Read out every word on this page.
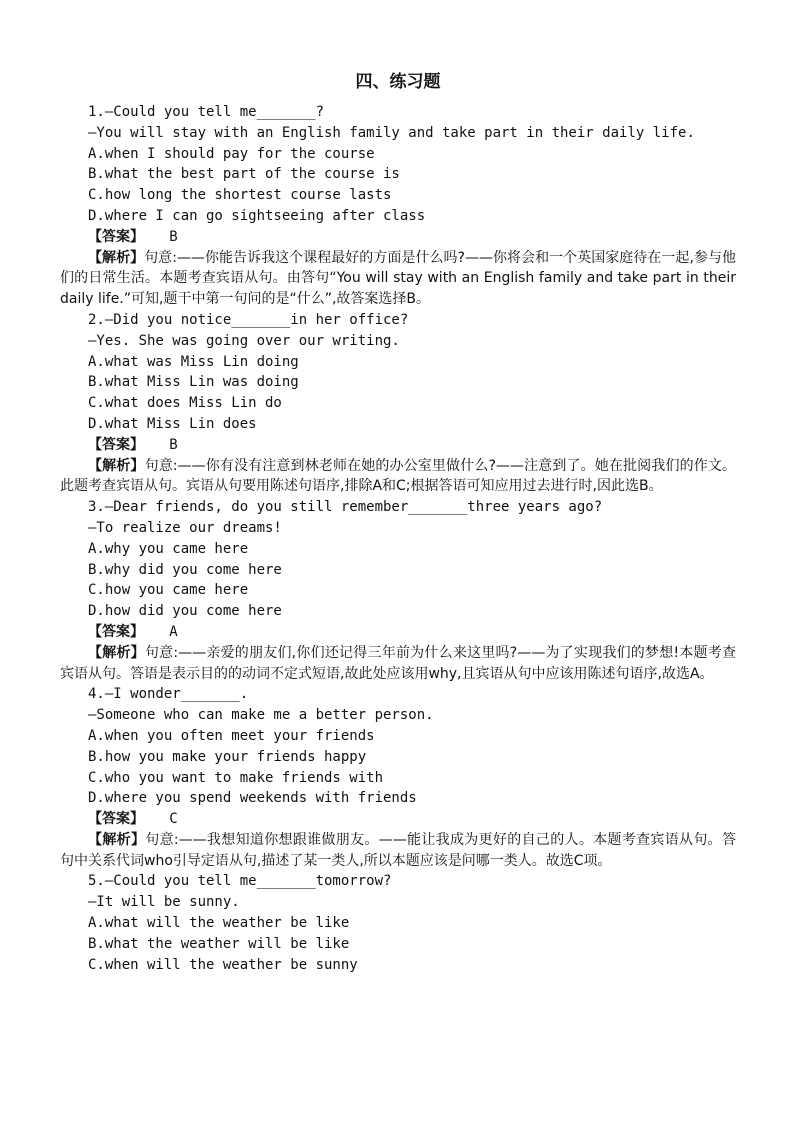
四、练习题
1.—Could you tell me_______?
—You will stay with an English family and take part in their daily life.
A.when I should pay for the course
B.what the best part of the course is
C.how long the shortest course lasts
D.where I can go sightseeing after class
【答案】 B
【解析】句意:——你能告诉我这个课程最好的方面是什么吗?——你将会和一个英国家庭待在一起,参与他们的日常生活。本题考查宾语从句。由答句“You will stay with an English family and take part in their daily life.”可知,题干中第一句问的是“什么”,故答案选择B。
2.—Did you notice_______in her office?
—Yes. She was going over our writing.
A.what was Miss Lin doing
B.what Miss Lin was doing
C.what does Miss Lin do
D.what Miss Lin does
【答案】 B
【解析】句意:——你有没有注意到林老师在她的办公室里做什么?——注意到了。她在批阅我们的作文。此题考查宾语从句。宾语从句要用陈述句语序,排除A和C;根据答语可知应用过去进行时,因此选B。
3.—Dear friends, do you still remember_______three years ago?
—To realize our dreams!
A.why you came here
B.why did you come here
C.how you came here
D.how did you come here
【答案】 A
【解析】句意:——亲爱的朋友们,你们还记得三年前为什么来这里吗?——为了实现我们的梦想!本题考查宾语从句。答语是表示目的的动词不定式短语,故此处应该用why,且宾语从句中应该用陈述句语序,故选A。
4.—I wonder_______.
—Someone who can make me a better person.
A.when you often meet your friends
B.how you make your friends happy
C.who you want to make friends with
D.where you spend weekends with friends
【答案】 C
【解析】句意:——我想知道你想跟谁做朋友。——能让我成为更好的自己的人。本题考查宾语从句。答句中关系代词who引导定语从句,描述了某一类人,所以本题应该是问哪一类人。故选C项。
5.—Could you tell me_______tomorrow?
—It will be sunny.
A.what will the weather be like
B.what the weather will be like
C.when will the weather be sunny
